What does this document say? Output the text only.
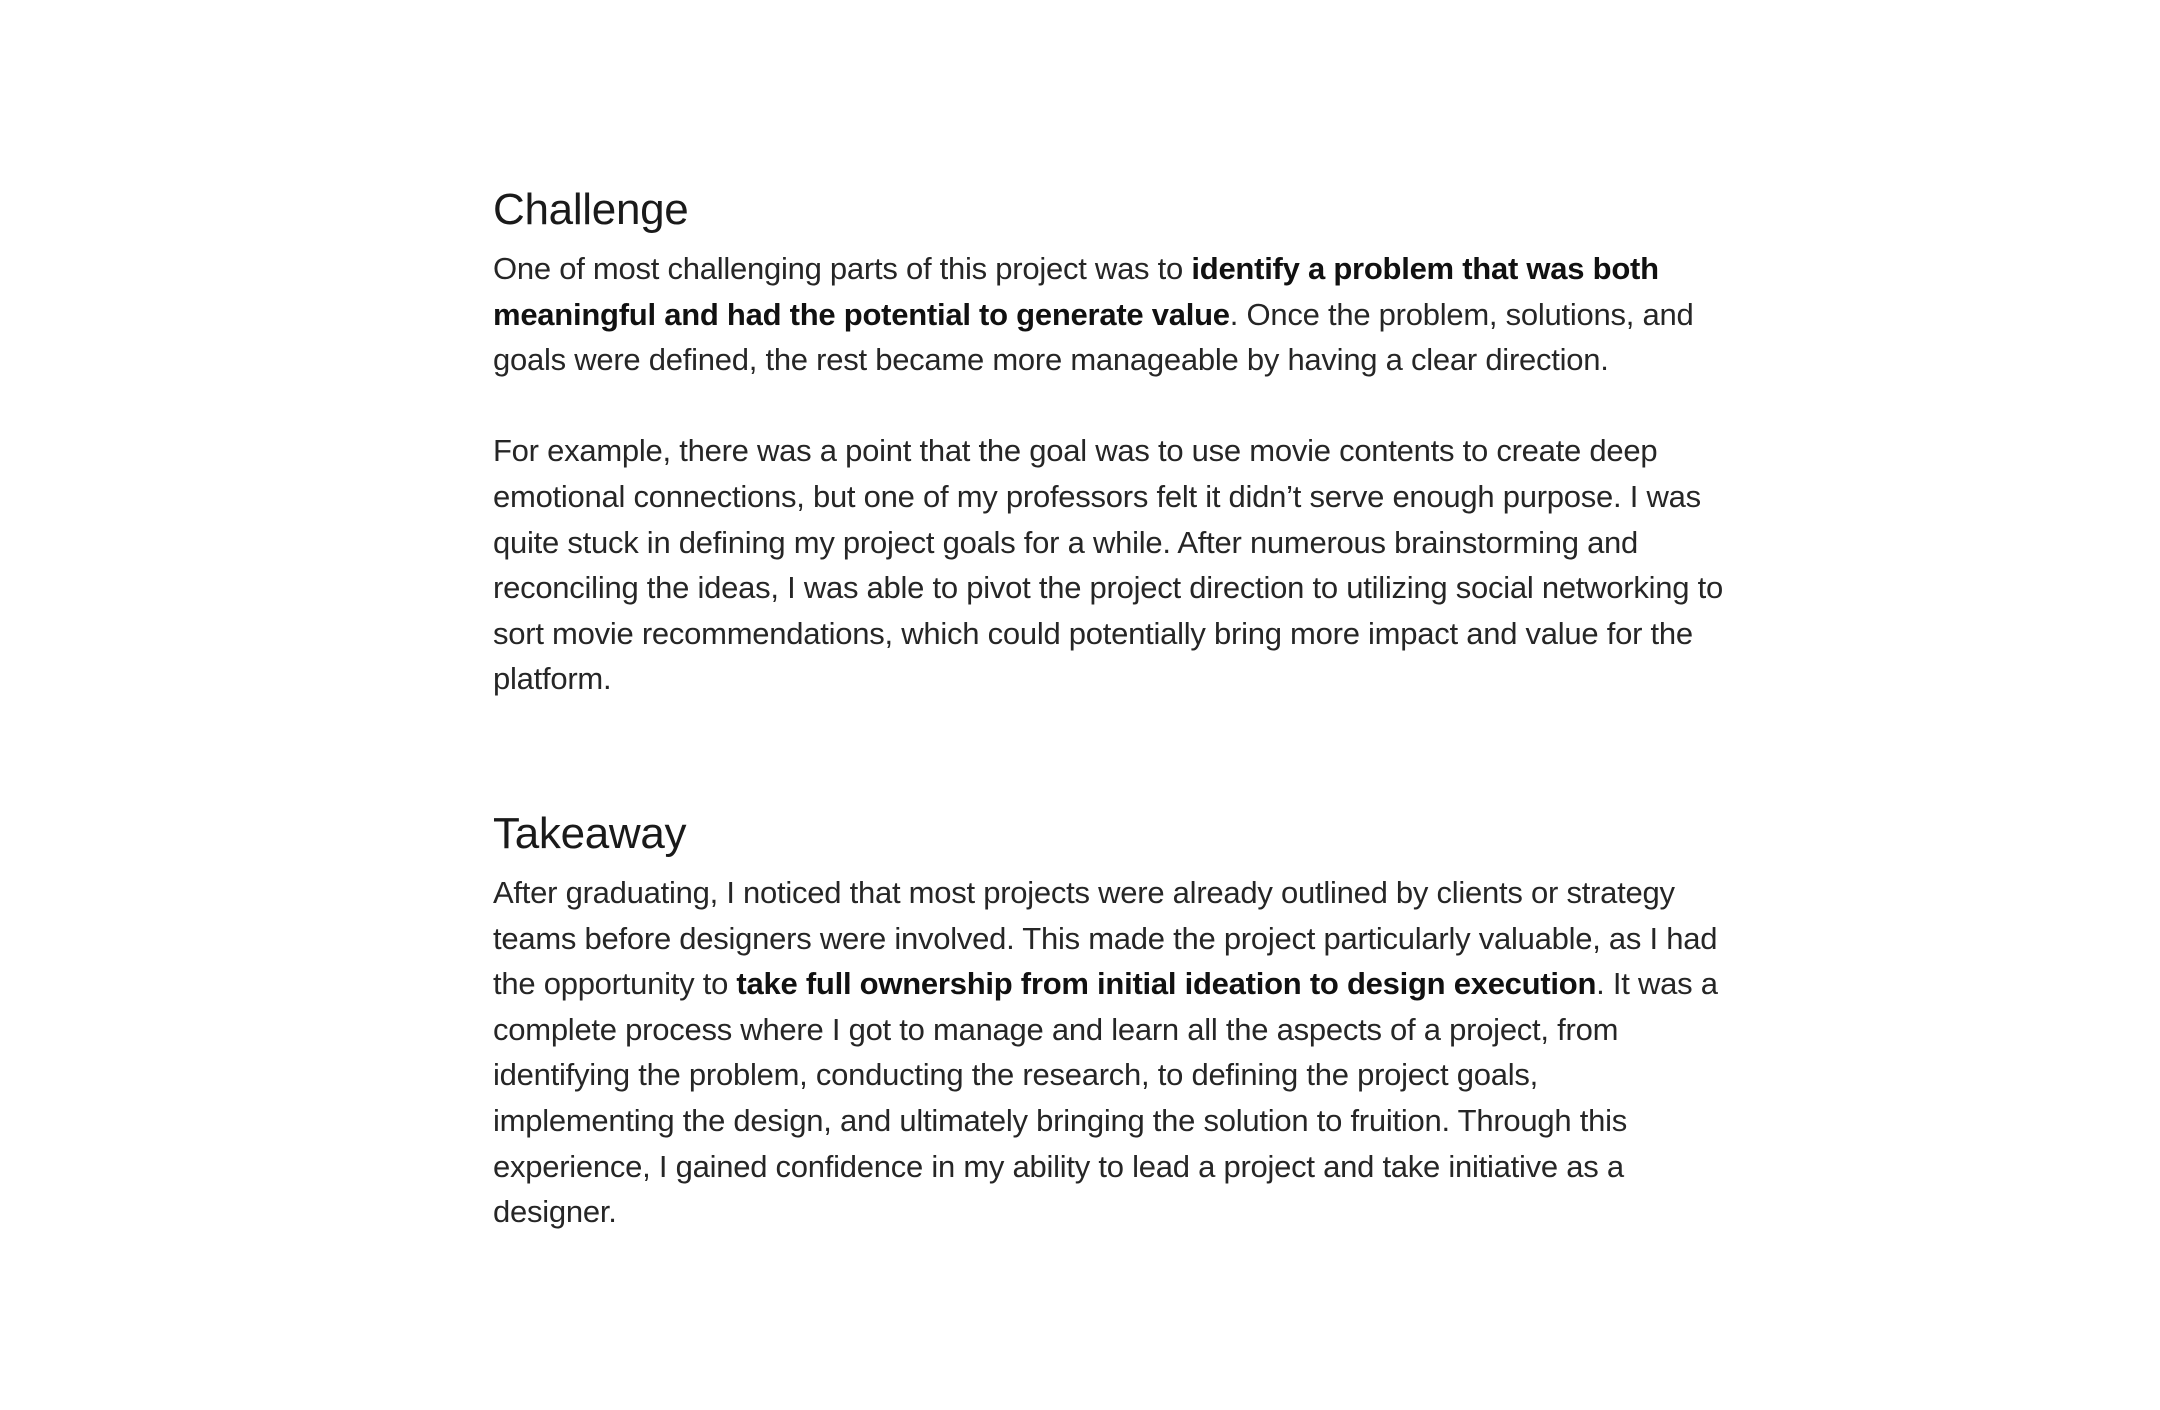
Challenge

One of most challenging parts of this project was to identify a problem that was both meaningful and had the potential to generate value. Once the problem, solutions, and goals were defined, the rest became more manageable by having a clear direction.

For example, there was a point that the goal was to use movie contents to create deep emotional connections, but one of my professors felt it didn’t serve enough purpose. I was quite stuck in defining my project goals for a while. After numerous brainstorming and reconciling the ideas, I was able to pivot the project direction to utilizing social networking to sort movie recommendations, which could potentially bring more impact and value for the platform.

Takeaway

After graduating, I noticed that most projects were already outlined by clients or strategy teams before designers were involved. This made the project particularly valuable, as I had the opportunity to take full ownership from initial ideation to design execution. It was a complete process where I got to manage and learn all the aspects of a project, from identifying the problem, conducting the research, to defining the project goals, implementing the design, and ultimately bringing the solution to fruition. Through this experience, I gained confidence in my ability to lead a project and take initiative as a designer.
